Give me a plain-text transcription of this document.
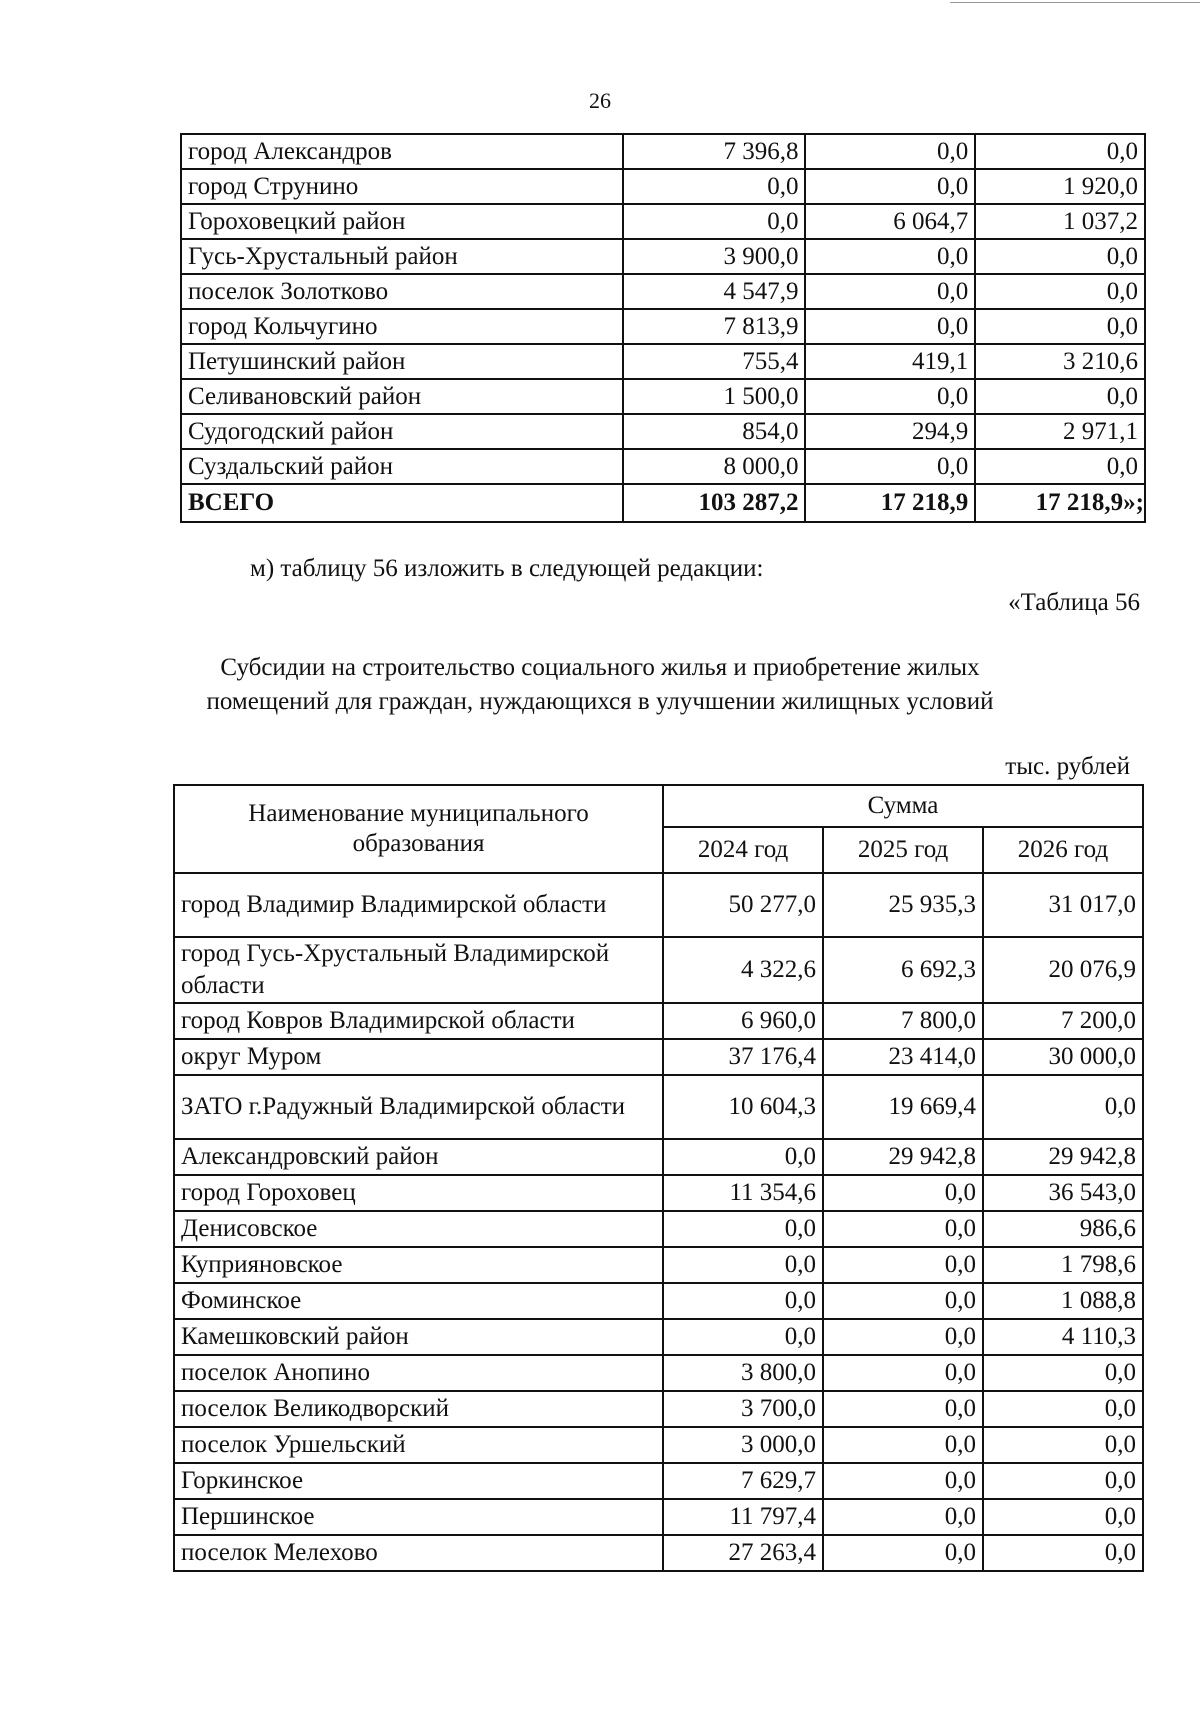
26
город Александров	7 396,8	0,0	0,0
город Струнино	0,0	0,0	1 920,0
Гороховецкий район	0,0	6 064,7	1 037,2
Гусь-Хрустальный район	3 900,0	0,0	0,0
поселок Золотково	4 547,9	0,0	0,0
город Кольчугино	7 813,9	0,0	0,0
Петушинский район	755,4	419,1	3 210,6
Селивановский район	1 500,0	0,0	0,0
Судогодский район	854,0	294,9	2 971,1
Суздальский район	8 000,0	0,0	0,0
ВСЕГО	103 287,2	17 218,9	17 218,9»;
м) таблицу 56 изложить в следующей редакции:
«Таблица 56
Субсидии на строительство социального жилья и приобретение жилых
помещений для граждан, нуждающихся в улучшении жилищных условий
тыс. рублей
Наименование муниципального образования	Сумма		
	2024 год	2025 год	2026 год
город Владимир Владимирской области	50 277,0	25 935,3	31 017,0
город Гусь-Хрустальный Владимирской области	4 322,6	6 692,3	20 076,9
город Ковров Владимирской области	6 960,0	7 800,0	7 200,0
округ Муром	37 176,4	23 414,0	30 000,0
ЗАТО г.Радужный Владимирской области	10 604,3	19 669,4	0,0
Александровский район	0,0	29 942,8	29 942,8
город Гороховец	11 354,6	0,0	36 543,0
Денисовское	0,0	0,0	986,6
Куприяновское	0,0	0,0	1 798,6
Фоминское	0,0	0,0	1 088,8
Камешковский район	0,0	0,0	4 110,3
поселок Анопино	3 800,0	0,0	0,0
поселок Великодворский	3 700,0	0,0	0,0
поселок Уршельский	3 000,0	0,0	0,0
Горкинское	7 629,7	0,0	0,0
Першинское	11 797,4	0,0	0,0
поселок Мелехово	27 263,4	0,0	0,0
